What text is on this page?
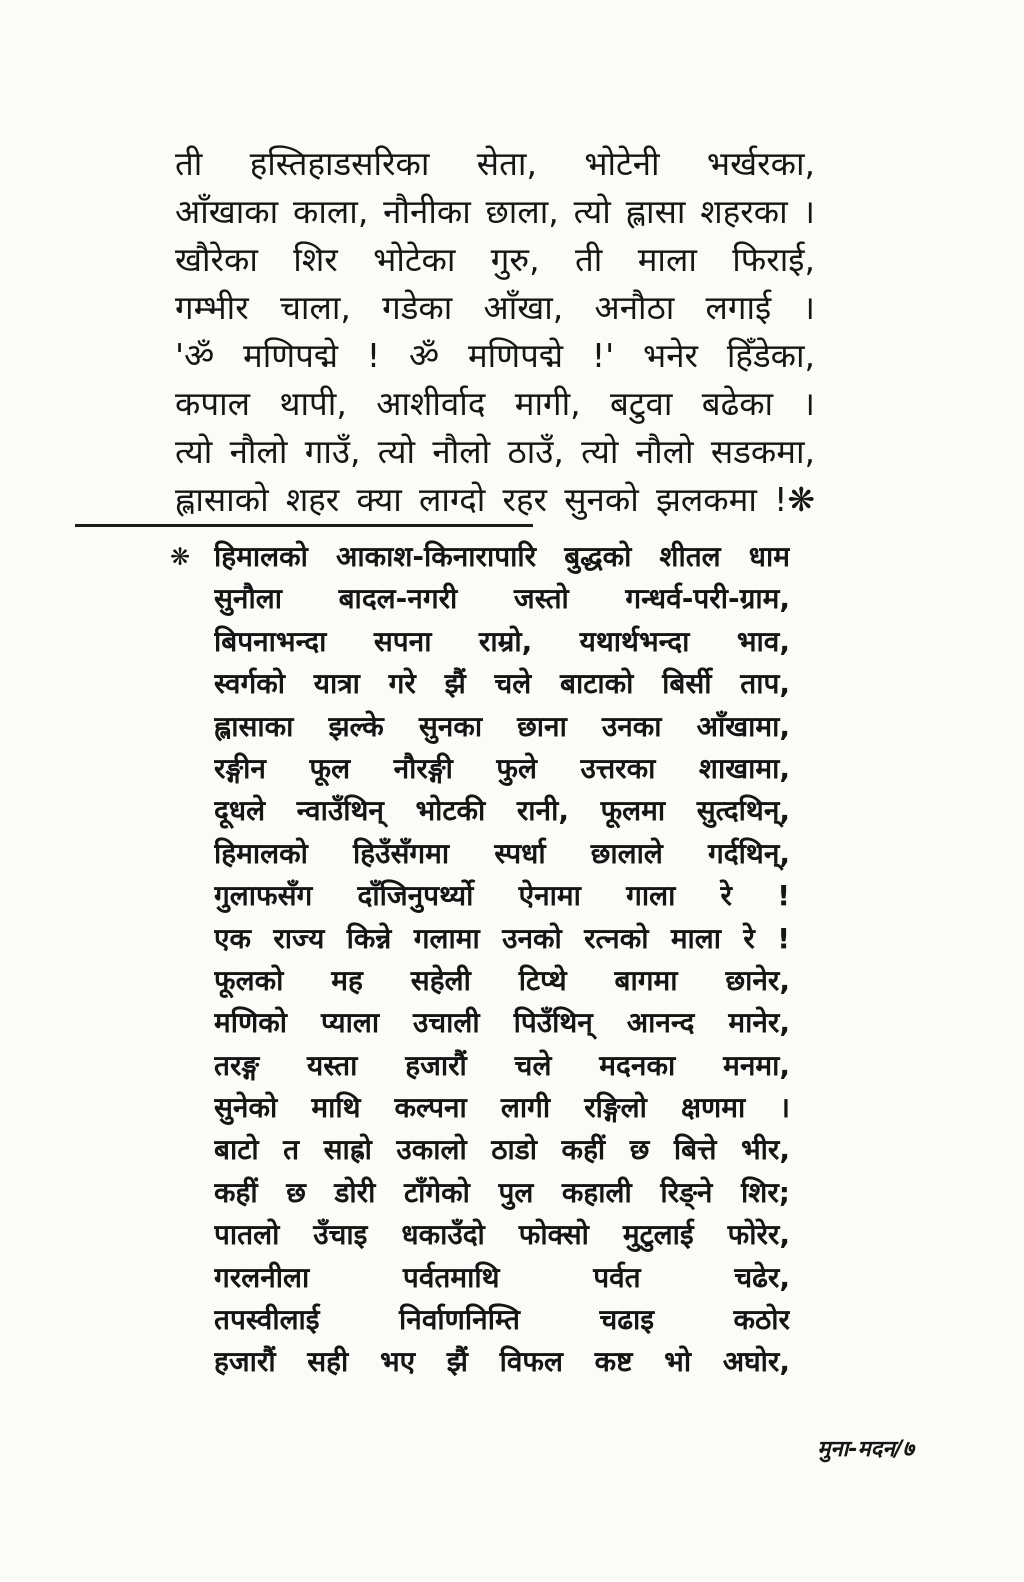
ती हस्तिहाडसरिका सेता, भोटेनी भर्खरका,
आँखाका काला, नौनीका छाला, त्यो ह्लासा शहरका ।
खौरेका शिर भोटेका गुरु, ती माला फिराई,
गम्भीर चाला, गडेका आँखा, अनौठा लगाई ।
'ॐ मणिपद्मे ! ॐ मणिपद्मे !' भनेर हिँडेका,
कपाल थापी, आशीर्वाद मागी, बटुवा बढेका ।
त्यो नौलो गाउँ, त्यो नौलो ठाउँ, त्यो नौलो सडकमा,
ह्लासाको शहर क्या लाग्दो रहर सुनको झलकमा !❋
❋ हिमालको आकाश-किनारापारि बुद्धको शीतल धाम
सुनौला बादल-नगरी जस्तो गन्धर्व-परी-ग्राम,
बिपनाभन्दा सपना राम्रो, यथार्थभन्दा भाव,
स्वर्गको यात्रा गरे झैं चले बाटाको बिर्सी ताप,
ह्लासाका झल्के सुनका छाना उनका आँखामा,
रङ्गीन फूल नौरङ्गी फुले उत्तरका शाखामा,
दूधले न्वाउँथिन् भोटकी रानी, फूलमा सुत्दथिन्,
हिमालको हिउँसँगमा स्पर्धा छालाले गर्दथिन्,
गुलाफसँग दाँजिनुपर्थ्यो ऐनामा गाला रे !
एक राज्य किन्ने गलामा उनको रत्नको माला रे !
फूलको मह सहेली टिप्थे बागमा छानेर,
मणिको प्याला उचाली पिउँथिन् आनन्द मानेर,
तरङ्ग यस्ता हजारौं चले मदनका मनमा,
सुनेको माथि कल्पना लागी रङ्गिलो क्षणमा ।
बाटो त साह्रो उकालो ठाडो कहीं छ बित्ते भीर,
कहीं छ डोरी टाँगेको पुल कहाली रिङ्ने शिर;
पातलो उँचाइ धकाउँदो फोक्सो मुटुलाई फोरेर,
गरलनीला पर्वतमाथि पर्वत चढेर,
तपस्वीलाई निर्वाणनिम्ति चढाइ कठोर
हजारौं सही भए झैं विफल कष्ट भो अघोर,
मुना-मदन/७
